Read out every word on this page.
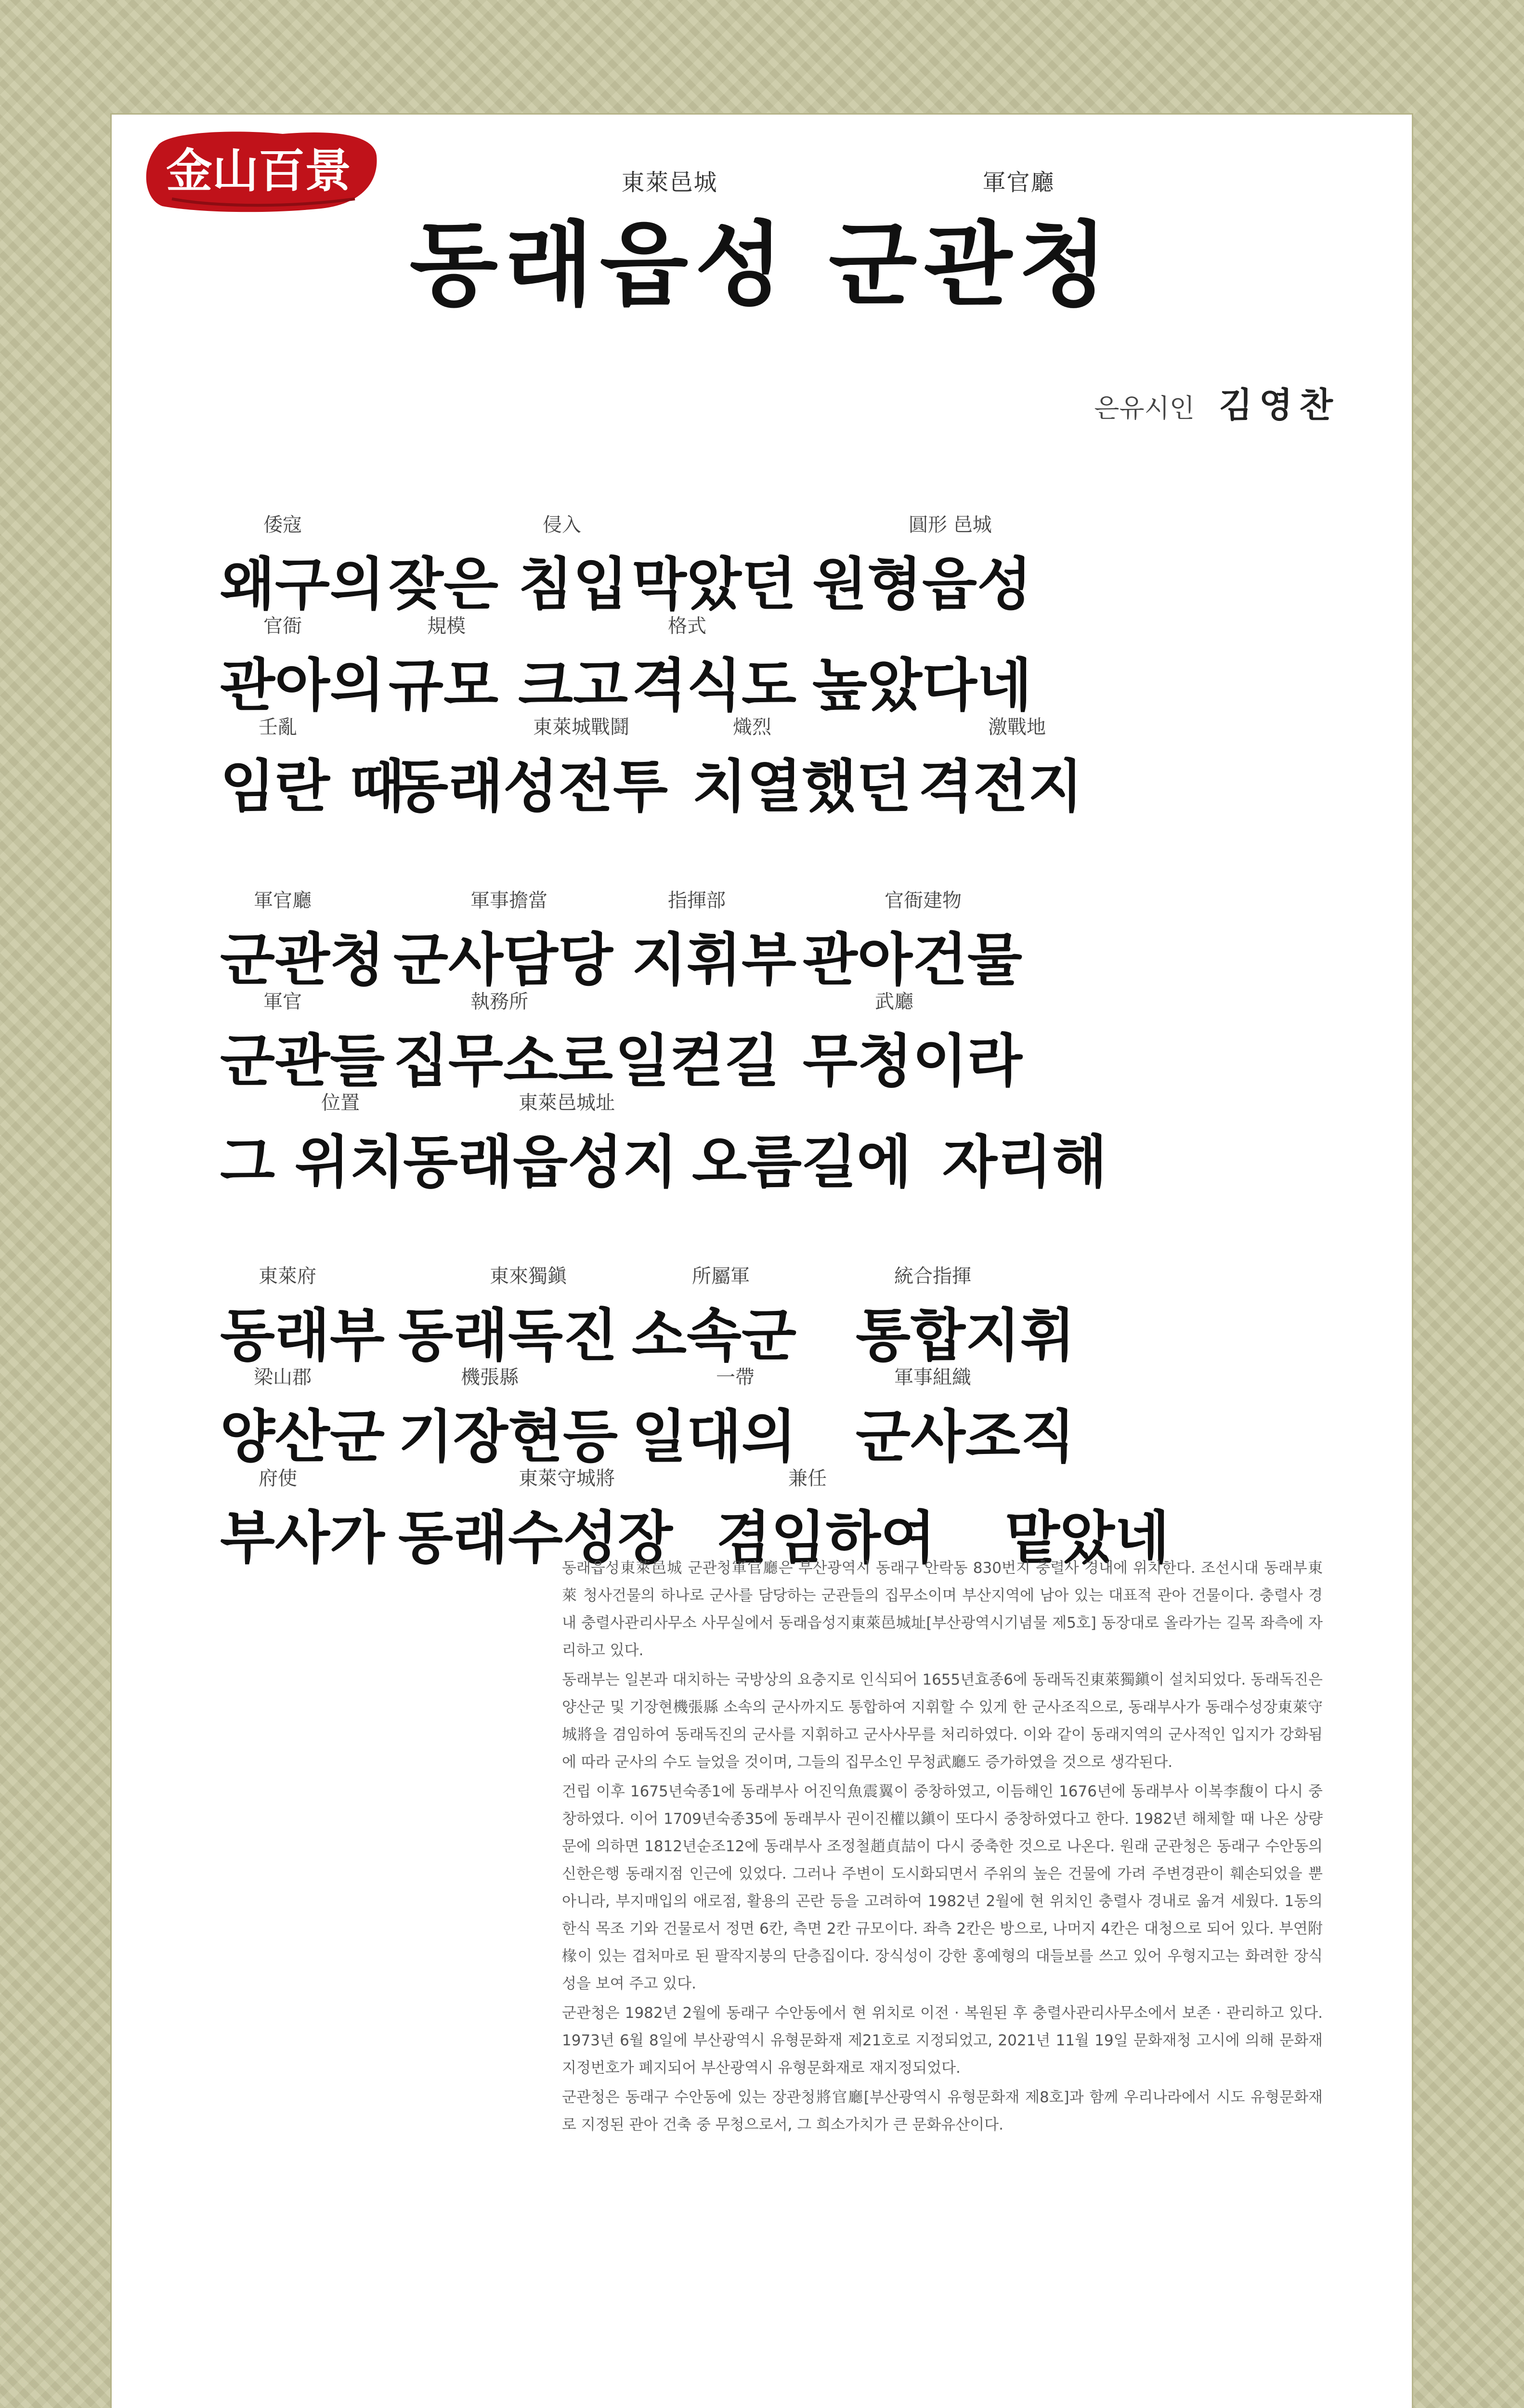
金山百景	東萊邑城	軍官廳
동래읍성 군관청
은유시인 김영찬
倭寇	侵入	圓形 邑城
왜구의 잦은 침입 막았던 원형읍성
官衙	規模	格式
관아의 규모 크고 격식도 높았다네
壬亂	東萊城戰鬪	熾烈	激戰地
임란 때
동래성전투 치열했던 격전지
軍官廳	軍事擔當	指揮部	官衙建物
군관청 군사담당 지휘부 관아건물
軍官	執務所	武廳
군관들 집무소로 일컫길 무청이라
位置	東萊邑城址
그 위치
동래읍성지 오름길에 자리해
東萊府	東來獨鎭	所屬軍	統合指揮
동래부 동래독진 소속군 통합지휘
梁山郡	機張縣	一帶	軍事組織
양산군 기장현등 일대의 군사조직
府使	東萊守城將	兼任
부사가 동래수성장 겸임하여 맡았네

동래읍성東萊邑城 군관청軍官廳은 부산광역시 동래구 안락동 830번지 충렬사 경내에 위치한다. 조선시대 동래부東萊 청사건물의 하나로 군사를 담당하는 군관들의 집무소이며 부산지역에 남아 있는 대표적 관아 건물이다. 충렬사 경내 충렬사관리사무소 사무실에서 동래읍성지東萊邑城址[부산광역시기념물 제5호] 동장대로 올라가는 길목 좌측에 자리하고 있다.

동래부는 일본과 대치하는 국방상의 요충지로 인식되어 1655년효종6에 동래독진東萊獨鎭이 설치되었다. 동래독진은 양산군 및 기장현機張縣 소속의 군사까지도 통합하여 지휘할 수 있게 한 군사조직으로, 동래부사가 동래수성장東萊守城將을 겸임하여 동래독진의 군사를 지휘하고 군사사무를 처리하였다. 이와 같이 동래지역의 군사적인 입지가 강화됨에 따라 군사의 수도 늘었을 것이며, 그들의 집무소인 무청武廳도 증가하였을 것으로 생각된다.

건립 이후 1675년숙종1에 동래부사 어진익魚震翼이 중창하였고, 이듬해인 1676년에 동래부사 이복李馥이 다시 중창하였다. 이어 1709년숙종35에 동래부사 권이진權以鎭이 또다시 중창하였다고 한다. 1982년 해체할 때 나온 상량문에 의하면 1812년순조12에 동래부사 조정철趙貞喆이 다시 중축한 것으로 나온다. 원래 군관청은 동래구 수안동의 신한은행 동래지점 인근에 있었다. 그러나 주변이 도시화되면서 주위의 높은 건물에 가려 주변경관이 훼손되었을 뿐 아니라, 부지매입의 애로점, 활용의 곤란 등을 고려하여 1982년 2월에 현 위치인 충렬사 경내로 옮겨 세웠다. 1동의 한식 목조 기와 건물로서 정면 6칸, 측면 2칸 규모이다. 좌측 2칸은 방으로, 나머지 4칸은 대청으로 되어 있다. 부연附椽이 있는 겹처마로 된 팔작지붕의 단층집이다. 장식성이 강한 홍예형의 대들보를 쓰고 있어 우형지고는 화려한 장식성을 보여 주고 있다.

군관청은 1982년 2월에 동래구 수안동에서 현 위치로 이전 · 복원된 후 충렬사관리사무소에서 보존 · 관리하고 있다. 1973년 6월 8일에 부산광역시 유형문화재 제21호로 지정되었고, 2021년 11월 19일 문화재청 고시에 의해 문화재 지정번호가 폐지되어 부산광역시 유형문화재로 재지정되었다.

군관청은 동래구 수안동에 있는 장관청將官廳[부산광역시 유형문화재 제8호]과 함께 우리나라에서 시도 유형문화재로 지정된 관아 건축 중 무청으로서, 그 희소가치가 큰 문화유산이다.
